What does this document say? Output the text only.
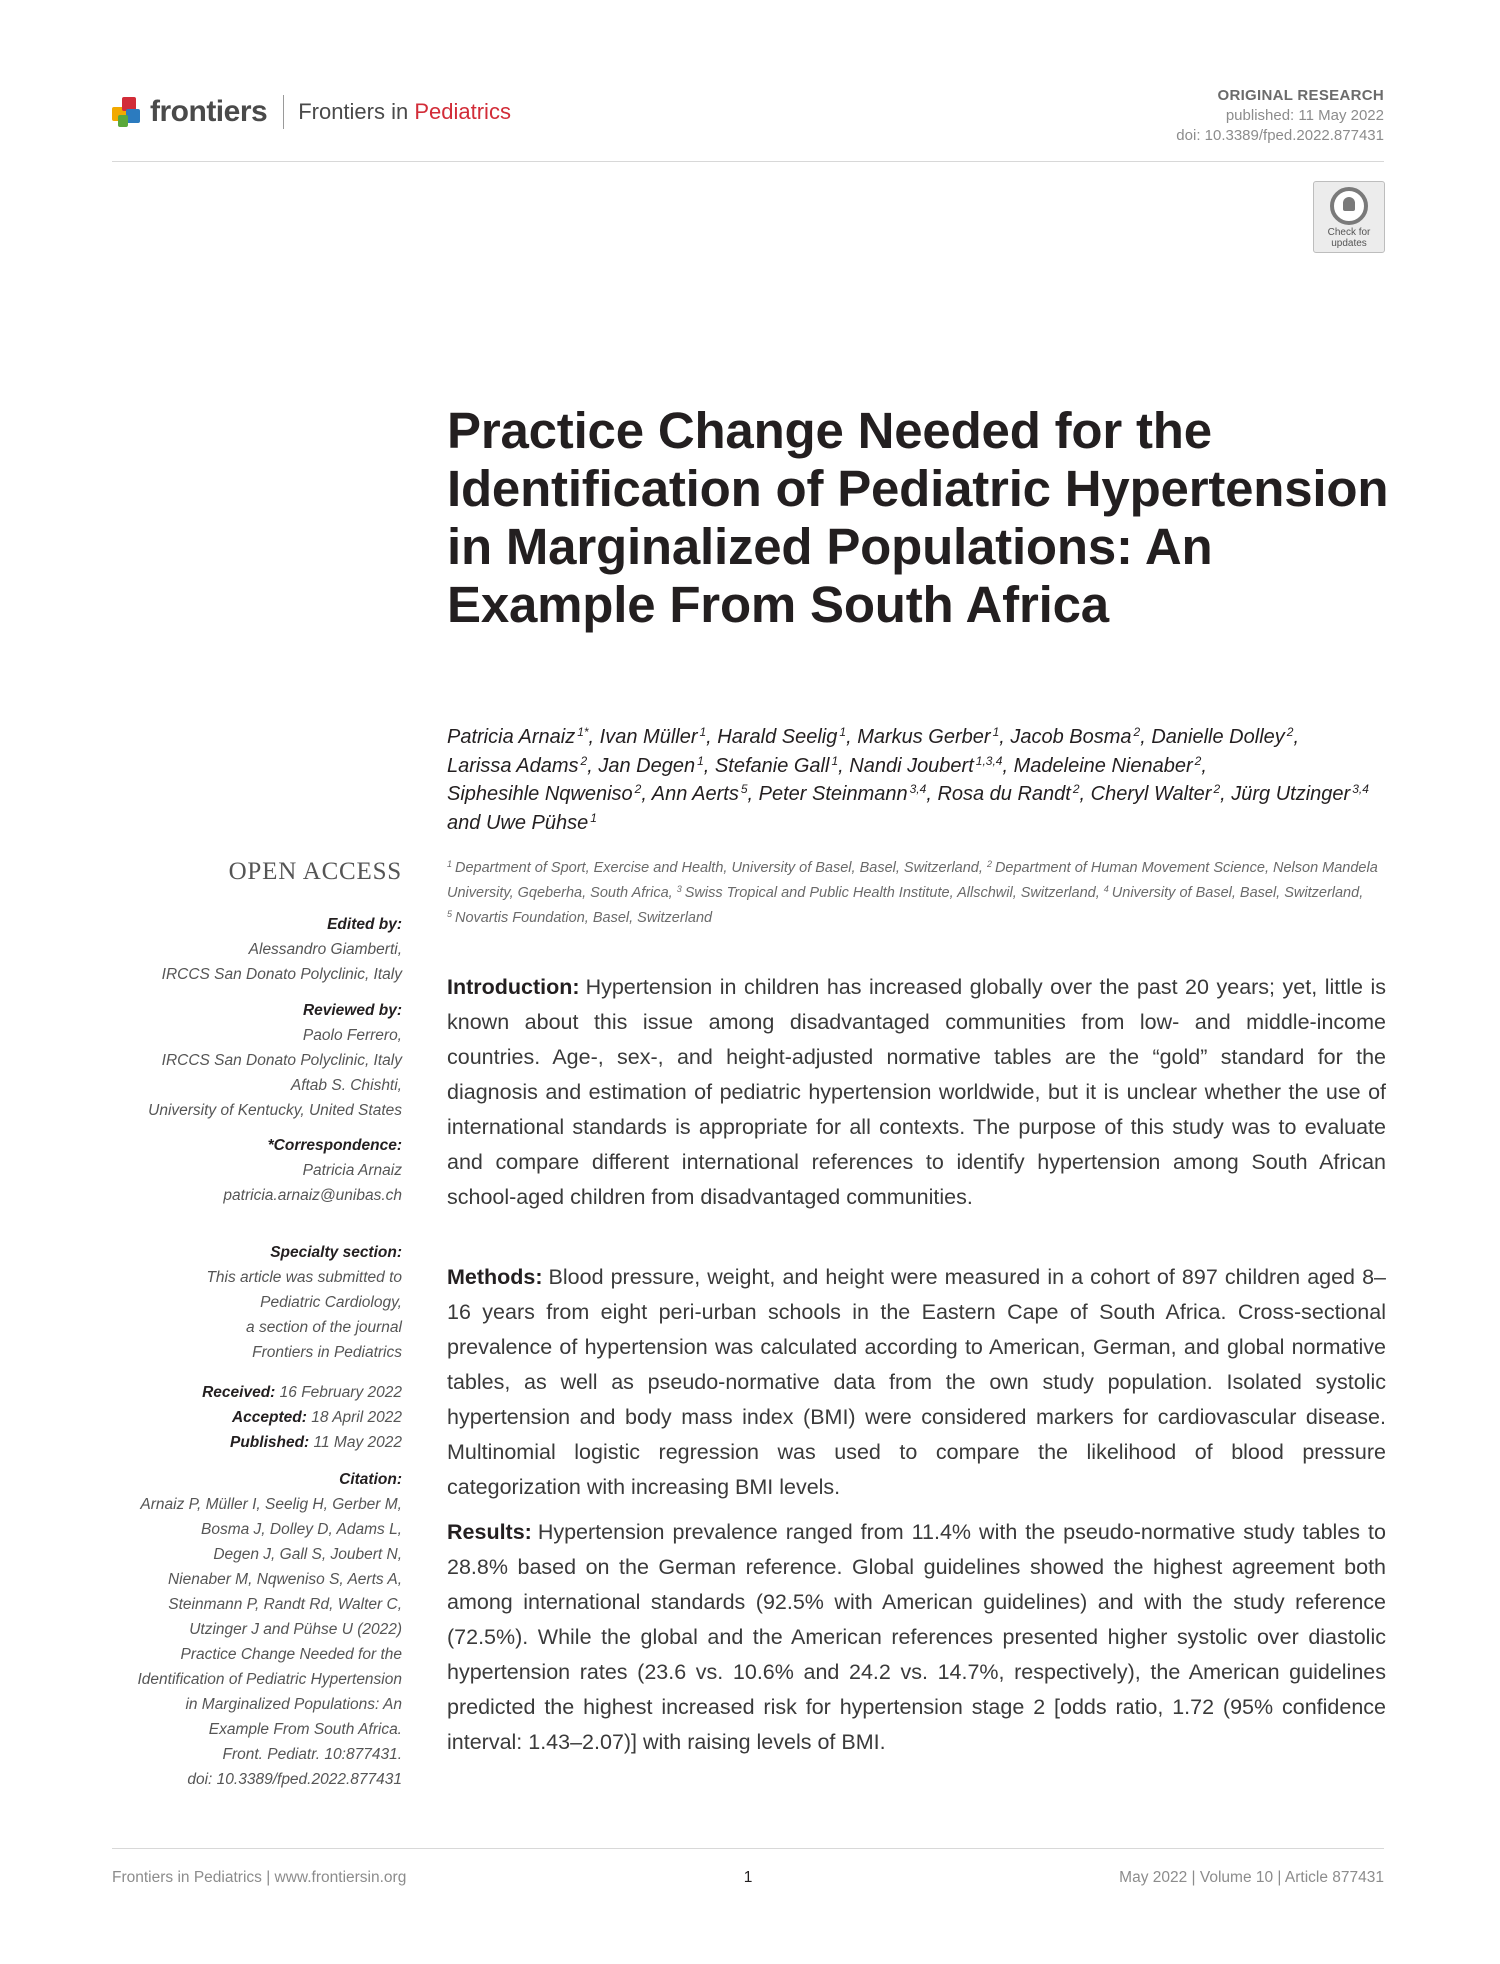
frontiers Frontiers in Pediatrics
ORIGINAL RESEARCH
published: 11 May 2022
doi: 10.3389/fped.2022.877431
Check for updates
Practice Change Needed for the Identification of Pediatric Hypertension in Marginalized Populations: An Example From South Africa
Patricia Arnaiz $^{1*}$, Ivan Müller $^1$, Harald Seelig $^1$, Markus Gerber $^1$, Jacob Bosma $^2$, Danielle Dolley $^2$, Larissa Adams $^2$, Jan Degen $^1$, Stefanie Gall $^1$, Nandi Joubert $^{1,3,4}$, Madeleine Nienaber $^2$, Siphesihle Nqweniso $^2$, Ann Aerts $^5$, Peter Steinmann $^{3,4}$, Rosa du Randt $^2$, Cheryl Walter $^2$, Jürg Utzinger $^{3,4}$ and Uwe Pühse $^1$
$^1$ Department of Sport, Exercise and Health, University of Basel, Basel, Switzerland, $^2$ Department of Human Movement Science, Nelson Mandela University, Gqeberha, South Africa, $^3$ Swiss Tropical and Public Health Institute, Allschwil, Switzerland, $^4$ University of Basel, Basel, Switzerland, $^5$ Novartis Foundation, Basel, Switzerland
OPEN ACCESS
Edited by:
Alessandro Giamberti,
IRCCS San Donato Polyclinic, Italy
Reviewed by:
Paolo Ferrero,
IRCCS San Donato Polyclinic, Italy
Aftab S. Chishti,
University of Kentucky, United States
*Correspondence:
Patricia Arnaiz
patricia.arnaiz@unibas.ch
Specialty section:
This article was submitted to
Pediatric Cardiology,
a section of the journal
Frontiers in Pediatrics
Received: 16 February 2022
Accepted: 18 April 2022
Published: 11 May 2022
Citation:
Arnaiz P, Müller I, Seelig H, Gerber M,
Bosma J, Dolley D, Adams L,
Degen J, Gall S, Joubert N,
Nienaber M, Nqweniso S, Aerts A,
Steinmann P, Randt Rd, Walter C,
Utzinger J and Pühse U (2022)
Practice Change Needed for the
Identification of Pediatric Hypertension
in Marginalized Populations: An
Example From South Africa.
Front. Pediatr. 10:877431.
doi: 10.3389/fped.2022.877431
Introduction: Hypertension in children has increased globally over the past 20 years; yet, little is known about this issue among disadvantaged communities from low- and middle-income countries. Age-, sex-, and height-adjusted normative tables are the “gold” standard for the diagnosis and estimation of pediatric hypertension worldwide, but it is unclear whether the use of international standards is appropriate for all contexts. The purpose of this study was to evaluate and compare different international references to identify hypertension among South African school-aged children from disadvantaged communities.
Methods: Blood pressure, weight, and height were measured in a cohort of 897 children aged 8–16 years from eight peri-urban schools in the Eastern Cape of South Africa. Cross-sectional prevalence of hypertension was calculated according to American, German, and global normative tables, as well as pseudo-normative data from the own study population. Isolated systolic hypertension and body mass index (BMI) were considered markers for cardiovascular disease. Multinomial logistic regression was used to compare the likelihood of blood pressure categorization with increasing BMI levels.
Results: Hypertension prevalence ranged from 11.4% with the pseudo-normative study tables to 28.8% based on the German reference. Global guidelines showed the highest agreement both among international standards (92.5% with American guidelines) and with the study reference (72.5%). While the global and the American references presented higher systolic over diastolic hypertension rates (23.6 vs. 10.6% and 24.2 vs. 14.7%, respectively), the American guidelines predicted the highest increased risk for hypertension stage 2 [odds ratio, 1.72 (95% confidence interval: 1.43–2.07)] with raising levels of BMI.
Frontiers in Pediatrics | www.frontiersin.org	1	May 2022 | Volume 10 | Article 877431
